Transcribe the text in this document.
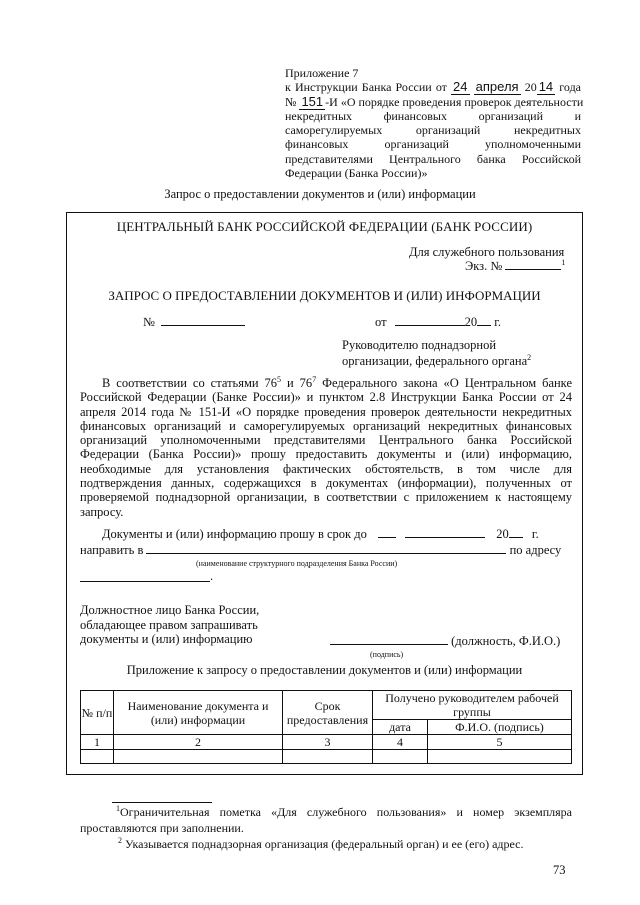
Приложение 7
к Инструкции Банка России от 24 апреля 20 14 года
№ 151 -И «О порядке проведения проверок деятельности
некредитных финансовых организаций и
саморегулируемых организаций некредитных
финансовых организаций уполномоченными
представителями Центрального банка Российской
Федерации (Банка России)»
Запрос о предоставлении документов и (или) информации
ЦЕНТРАЛЬНЫЙ БАНК РОССИЙСКОЙ ФЕДЕРАЦИИ (БАНК РОССИИ)
Для служебного пользования
Экз. №	$^1$
ЗАПРОС О ПРЕДОСТАВЛЕНИИ ДОКУМЕНТОВ И (ИЛИ) ИНФОРМАЦИИ
№	от	20 г.
Руководителю поднадзорной
организации, федерального органа$^2$

В соответствии со статьями $76^5$ и $76^7$ Федерального закона «О Центральном банке Российской Федерации (Банке России)» и пунктом 2.8 Инструкции Банка России от 24 апреля 2014 года № 151-И «О порядке проведения проверок деятельности некредитных финансовых организаций и саморегулируемых организаций некредитных финансовых организаций уполномоченными представителями Центрального банка Российской Федерации (Банка России)» прошу предоставить документы и (или) информацию, необходимые для установления фактических обстоятельств, в том числе для подтверждения данных, содержащихся в документах (информации), полученных от проверяемой поднадзорной организации, в соответствии с приложением к настоящему запросу.

Документы и (или) информацию прошу в срок до	20 г.
направить в	по адресу
(наименование структурного подразделения Банка России)
.
Должностное лицо Банка России,
обладающее правом запрашивать
документы и (или) информацию	(должность, Ф.И.О.)
(подпись)
Приложение к запросу о предоставлении документов и (или) информации
№ п/п	Наименование документа и (или) информации	Срок предоставления	Получено руководителем рабочей группы	
			дата	Ф.И.О. (подпись)
1	2	3	4	5

$^1$Ограничительная пометка «Для служебного пользования» и номер экземпляра проставляются при заполнении.
$^2$ Указывается поднадзорная организация (федеральный орган) и ее (его) адрес.
73
